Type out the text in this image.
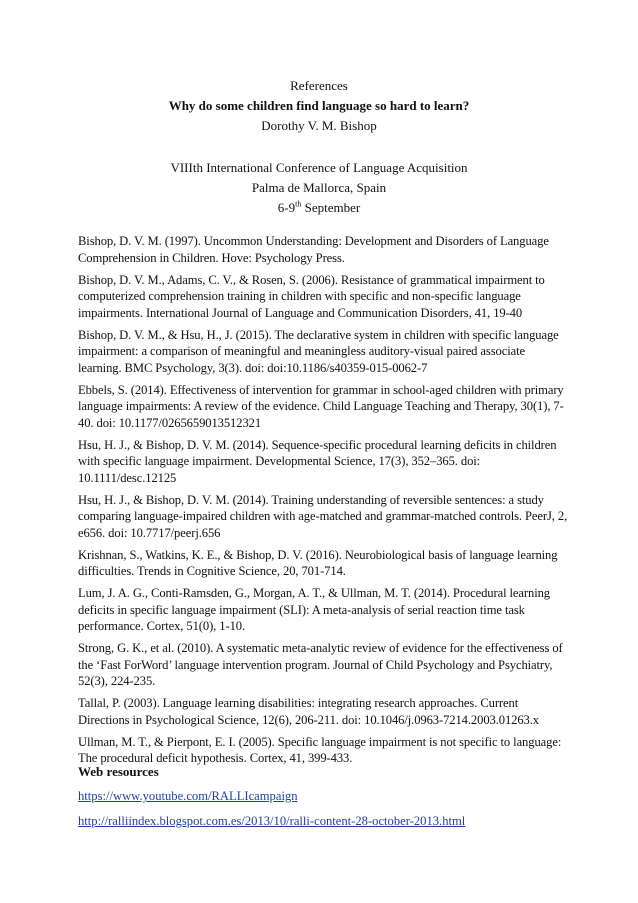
References

Why do some children find language so hard to learn?

Dorothy V. M. Bishop

VIIIth International Conference of Language Acquisition

Palma de Mallorca, Spain

6-9th September

Bishop, D. V. M. (1997). Uncommon Understanding: Development and Disorders of Language Comprehension in Children. Hove: Psychology Press.

Bishop, D. V. M., Adams, C. V., & Rosen, S. (2006). Resistance of grammatical impairment to computerized comprehension training in children with specific and non-specific language impairments. International Journal of Language and Communication Disorders, 41, 19-40

Bishop, D. V. M., & Hsu, H., J. (2015). The declarative system in children with specific language impairment: a comparison of meaningful and meaningless auditory-visual paired associate learning. BMC Psychology, 3(3). doi: doi:10.1186/s40359-015-0062-7

Ebbels, S. (2014). Effectiveness of intervention for grammar in school-aged children with primary language impairments: A review of the evidence. Child Language Teaching and Therapy, 30(1), 7-40. doi: 10.1177/0265659013512321

Hsu, H. J., & Bishop, D. V. M. (2014). Sequence-specific procedural learning deficits in children with specific language impairment. Developmental Science, 17(3), 352–365. doi: 10.1111/desc.12125

Hsu, H. J., & Bishop, D. V. M. (2014). Training understanding of reversible sentences: a study comparing language-impaired children with age-matched and grammar-matched controls. PeerJ, 2, e656. doi: 10.7717/peerj.656

Krishnan, S., Watkins, K. E., & Bishop, D. V. (2016). Neurobiological basis of language learning difficulties. Trends in Cognitive Science, 20, 701-714.

Lum, J. A. G., Conti-Ramsden, G., Morgan, A. T., & Ullman, M. T. (2014). Procedural learning deficits in specific language impairment (SLI): A meta-analysis of serial reaction time task performance. Cortex, 51(0), 1-10.

Strong, G. K., et al. (2010). A systematic meta-analytic review of evidence for the effectiveness of the ‘Fast ForWord’ language intervention program. Journal of Child Psychology and Psychiatry, 52(3), 224-235.

Tallal, P. (2003). Language learning disabilities: integrating research approaches. Current Directions in Psychological Science, 12(6), 206-211. doi: 10.1046/j.0963-7214.2003.01263.x

Ullman, M. T., & Pierpont, E. I. (2005). Specific language impairment is not specific to language: The procedural deficit hypothesis. Cortex, 41, 399-433.

Web resources

https://www.youtube.com/RALLIcampaign
http://ralliindex.blogspot.com.es/2013/10/ralli-content-28-october-2013.html
